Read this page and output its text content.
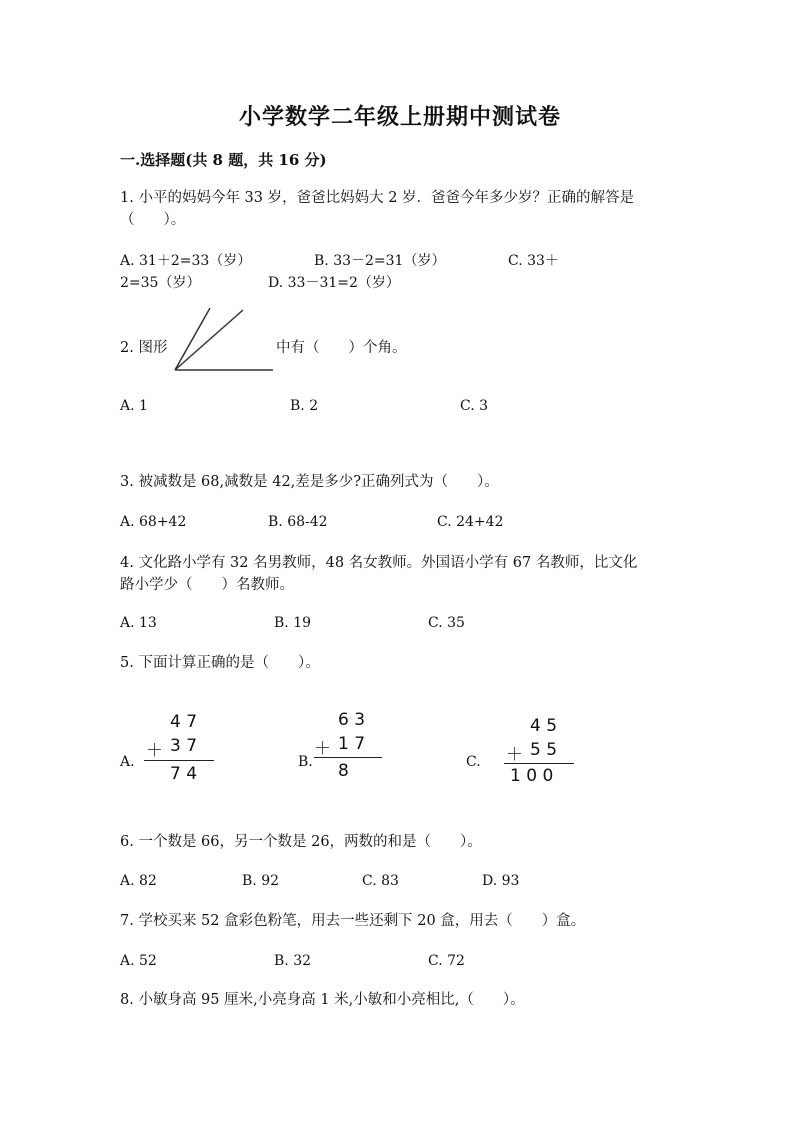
小学数学二年级上册期中测试卷
一.选择题(共 8 题，共 16 分)
1. 小平的妈妈今年 33 岁，爸爸比妈妈大 2 岁．爸爸今年多少岁？正确的解答是
（　　）。
A. 31＋2=33（岁）	B. 33－2=31（岁）	C. 33＋
2=35（岁）	D. 33－31=2（岁）
2. 图形	中有（　　）个角。
A. 1	B. 2	C. 3
3. 被减数是 68,减数是 42,差是多少?正确列式为（　　）。
A. 68+42	B. 68-42	C. 24+42
4. 文化路小学有 32 名男教师，48 名女教师。外国语小学有 67 名教师，比文化
路小学少（　　）名教师。
A. 13	B. 19	C. 35
5. 下面计算正确的是（　　）。
A.
4 7
＋ 3 7
7 4
B.
6 3
＋ 1 7
8	C.
4 5
＋ 5 5
1 0 0
6. 一个数是 66，另一个数是 26，两数的和是（　　）。
A. 82	B. 92	C. 83	D. 93
7. 学校买来 52 盒彩色粉笔，用去一些还剩下 20 盒，用去（　　）盒。
A. 52	B. 32	C. 72
8. 小敏身高 95 厘米,小亮身高 1 米,小敏和小亮相比,（　　）。
